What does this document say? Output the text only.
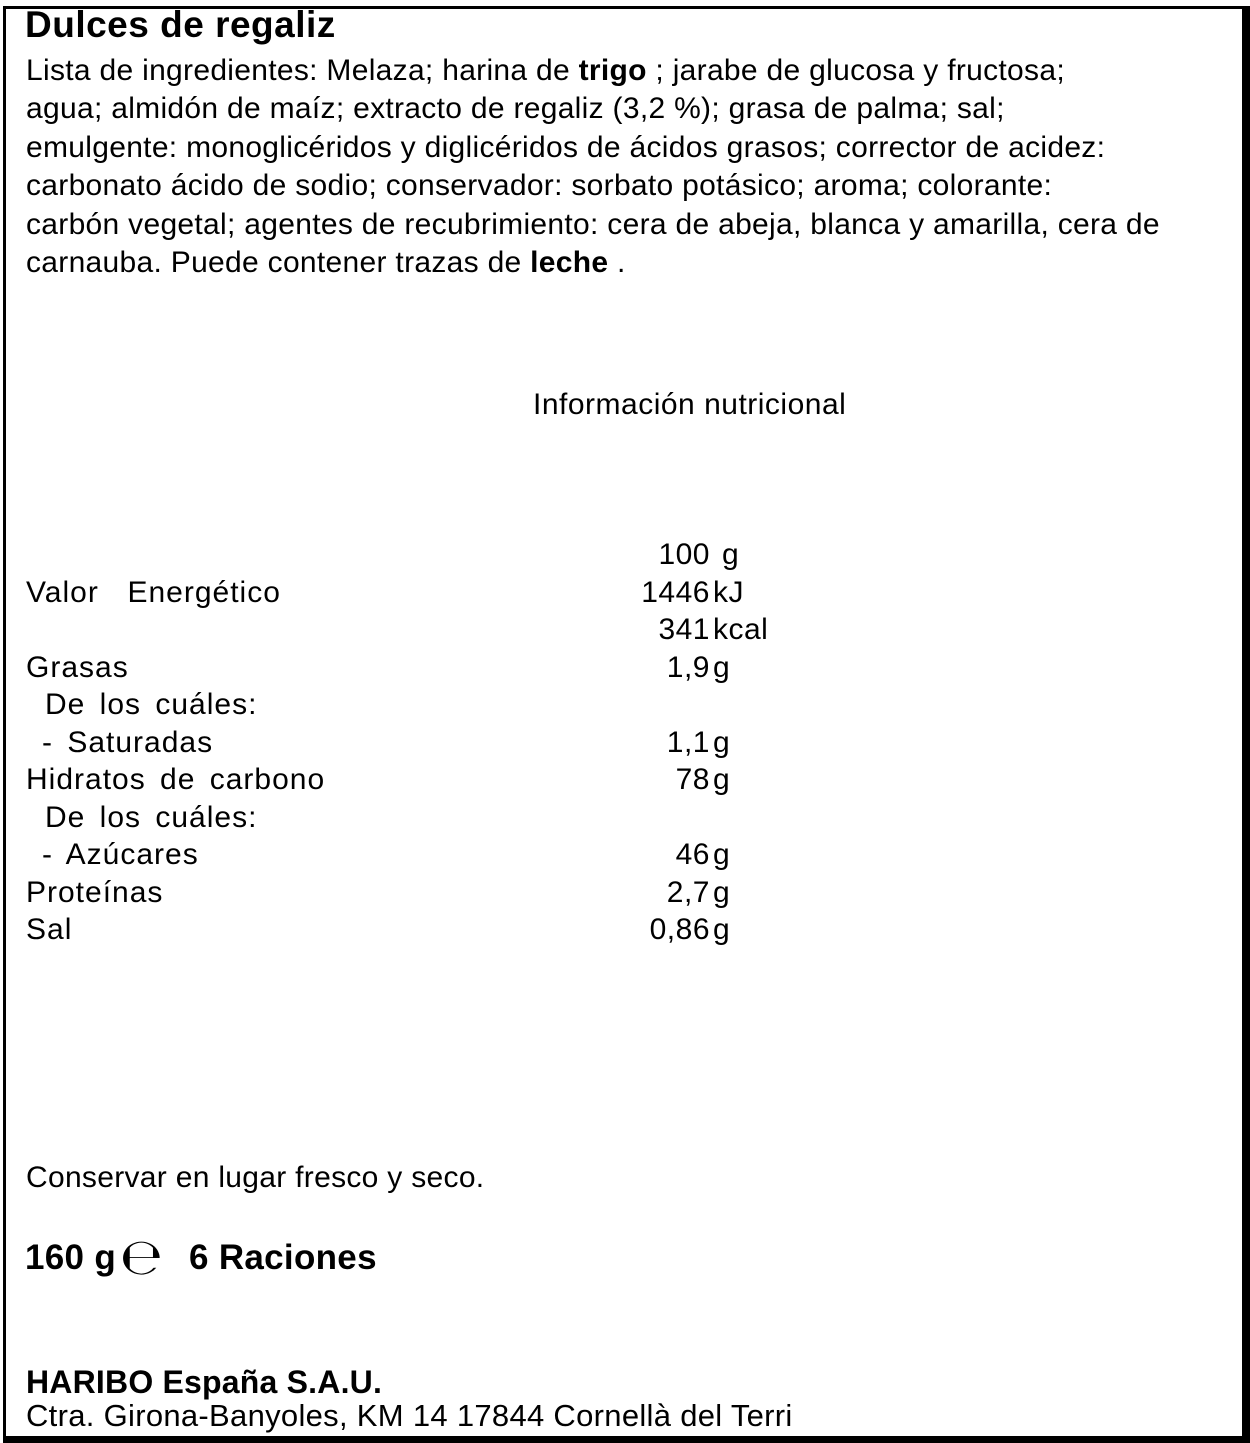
Dulces de regaliz
Lista de ingredientes: Melaza; harina de trigo ; jarabe de glucosa y fructosa;
agua; almidón de maíz; extracto de regaliz (3,2 %); grasa de palma; sal;
emulgente: monoglicéridos y diglicéridos de ácidos grasos; corrector de acidez:
carbonato ácido de sodio; conservador: sorbato potásico; aroma; colorante:
carbón vegetal; agentes de recubrimiento: cera de abeja, blanca y amarilla, cera de
carnauba. Puede contener trazas de leche .
Información nutricional
100 g
Valor  Energético	1446 kJ
341 kcal
Grasas	1,9 g
De los cuáles:
- Saturadas	1,1 g
Hidratos de carbono	78 g
De los cuáles:
- Azúcares	46 g
Proteínas	2,7 g
Sal	0,86 g
Conservar en lugar fresco y seco.
160 g℮ 6 Raciones
HARIBO España S.A.U.
Ctra. Girona-Banyoles, KM 14 17844 Cornellà del Terri
